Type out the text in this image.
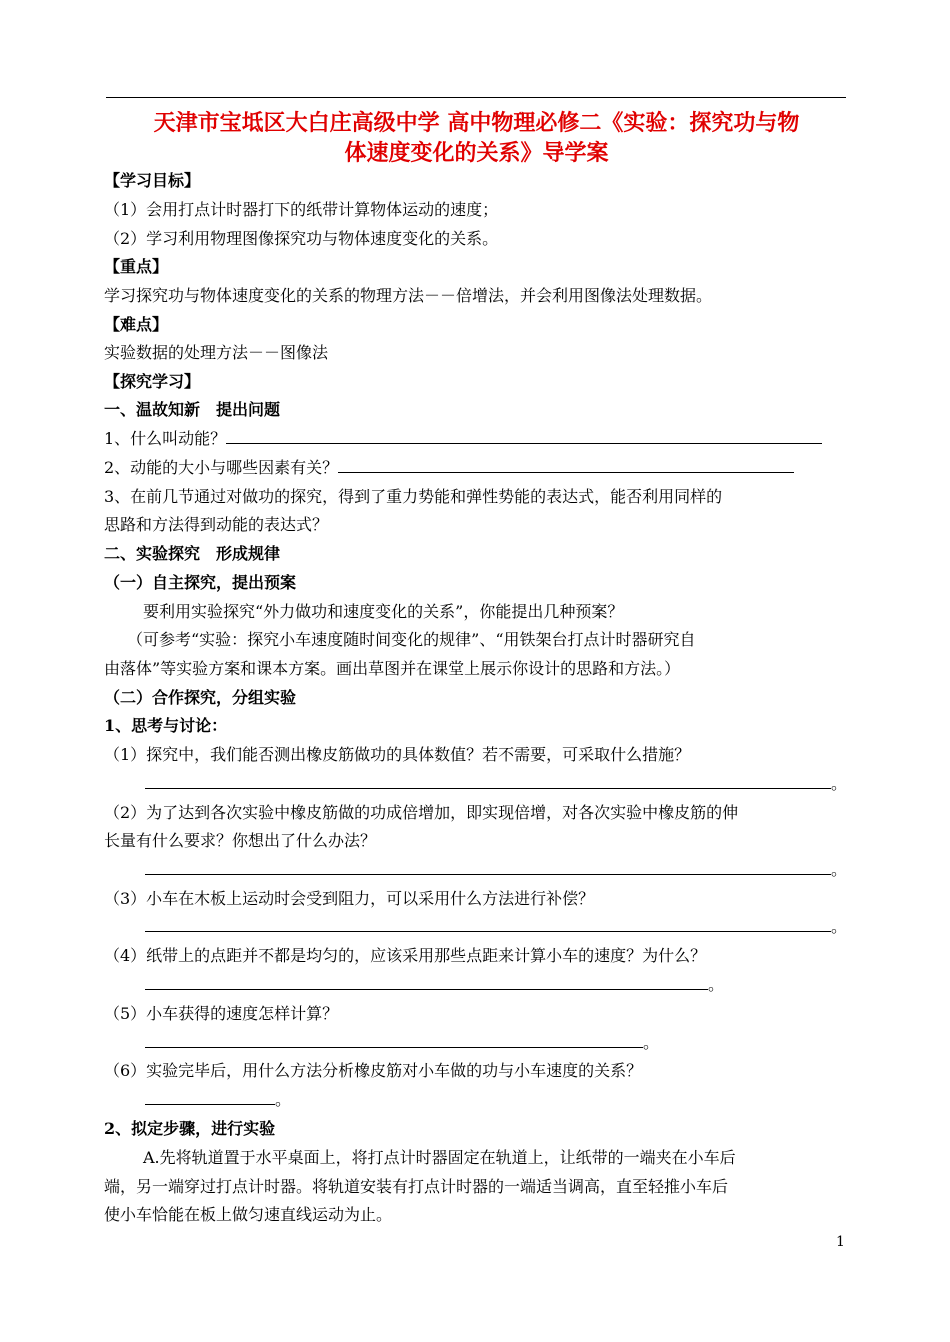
天津市宝坻区大白庄高级中学 高中物理必修二《实验：探究功与物
体速度变化的关系》导学案
【学习目标】
（1）会用打点计时器打下的纸带计算物体运动的速度；
（2）学习利用物理图像探究功与物体速度变化的关系。
【重点】
学习探究功与物体速度变化的关系的物理方法－－倍增法，并会利用图像法处理数据。
【难点】
实验数据的处理方法－－图像法
【探究学习】
一、温故知新　提出问题
1、什么叫动能？
2、动能的大小与哪些因素有关？
3、在前几节通过对做功的探究，得到了重力势能和弹性势能的表达式，能否利用同样的
思路和方法得到动能的表达式？
二、实验探究　形成规律
（一）自主探究，提出预案
要利用实验探究“外力做功和速度变化的关系”，你能提出几种预案？
（可参考“实验：探究小车速度随时间变化的规律”、“用铁架台打点计时器研究自
由落体”等实验方案和课本方案。画出草图并在课堂上展示你设计的思路和方法。）
（二）合作探究，分组实验
1、思考与讨论：
（1）探究中，我们能否测出橡皮筋做功的具体数值？若不需要，可采取什么措施？
。
（2）为了达到各次实验中橡皮筋做的功成倍增加，即实现倍增，对各次实验中橡皮筋的伸
长量有什么要求？你想出了什么办法？
。
（3）小车在木板上运动时会受到阻力，可以采用什么方法进行补偿？
。
（4）纸带上的点距并不都是均匀的，应该采用那些点距来计算小车的速度？为什么？
。
（5）小车获得的速度怎样计算？
。
（6）实验完毕后，用什么方法分析橡皮筋对小车做的功与小车速度的关系？
。
2、拟定步骤，进行实验
A.先将轨道置于水平桌面上，将打点计时器固定在轨道上，让纸带的一端夹在小车后
端，另一端穿过打点计时器。将轨道安装有打点计时器的一端适当调高，直至轻推小车后
使小车恰能在板上做匀速直线运动为止。
1
